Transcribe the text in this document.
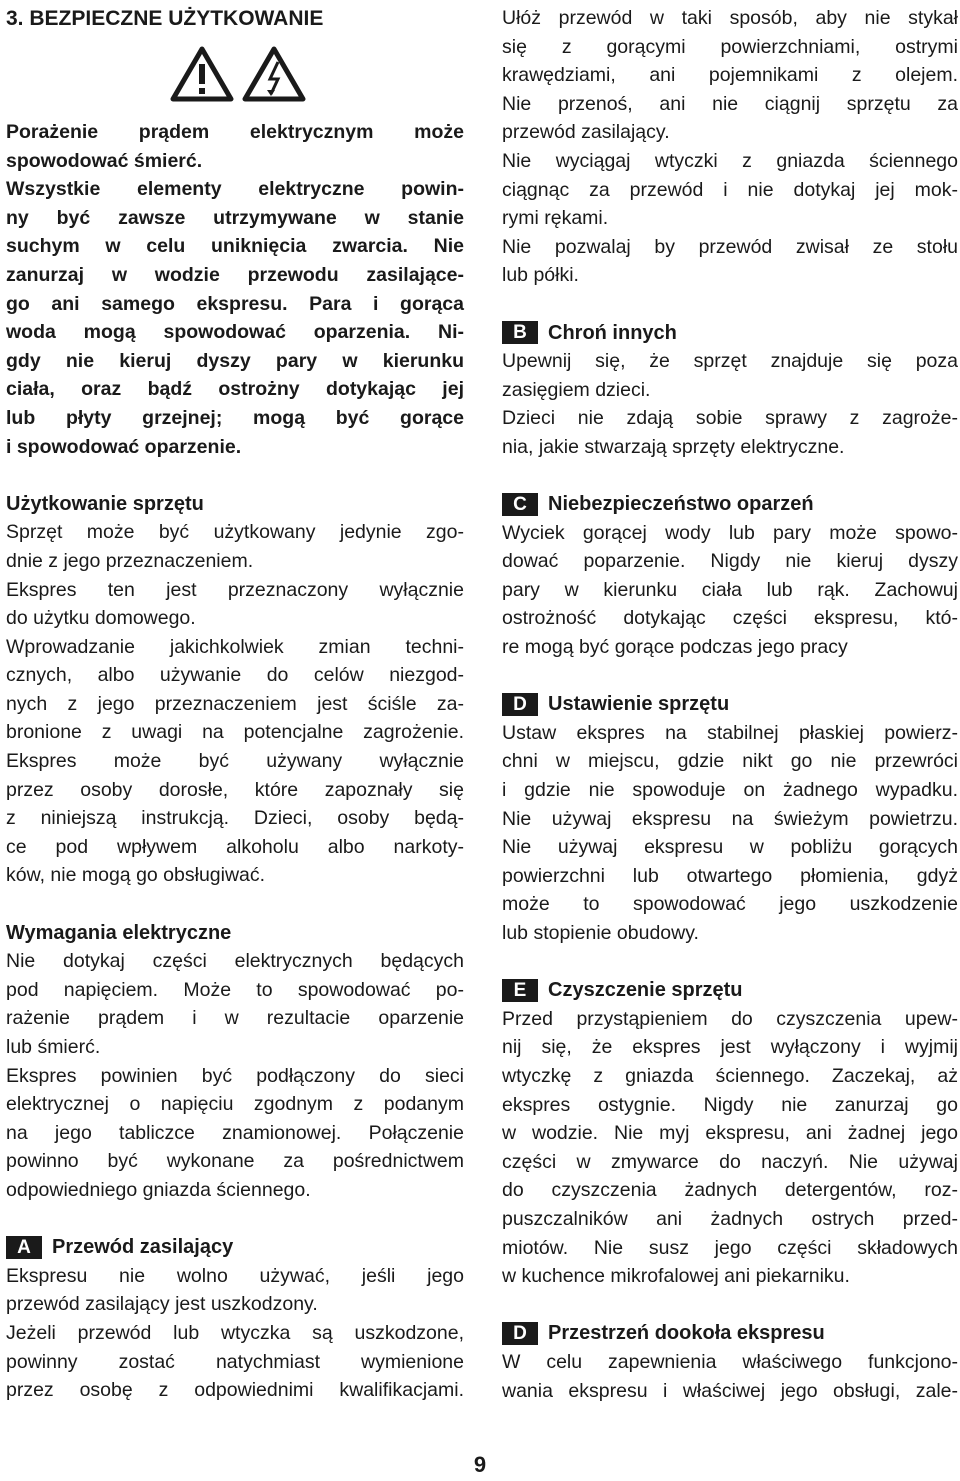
3. BEZPIECZNE UŻYTKOWANIE
Porażenie prądem elektrycznym może
spowodować śmierć.
Wszystkie elementy elektryczne powin-
ny być zawsze utrzymywane w stanie
suchym w celu uniknięcia zwarcia. Nie
zanurzaj w wodzie przewodu zasilające-
go ani samego ekspresu. Para i gorąca
woda mogą spowodować oparzenia. Ni-
gdy nie kieruj dyszy pary w kierunku
ciała, oraz bądź ostrożny dotykając jej
lub płyty grzejnej; mogą być gorące
i spowodować oparzenie.
Użytkowanie sprzętu
Sprzęt może być użytkowany jedynie zgo-
dnie z jego przeznaczeniem.
Ekspres ten jest przeznaczony wyłącznie
do użytku domowego.
Wprowadzanie jakichkolwiek zmian techni-
cznych, albo używanie do celów niezgod-
nych z jego przeznaczeniem jest ściśle za-
bronione z uwagi na potencjalne zagrożenie.
Ekspres może być używany wyłącznie
przez osoby dorosłe, które zapoznały się
z niniejszą instrukcją. Dzieci, osoby będą-
ce pod wpływem alkoholu albo narkoty-
ków, nie mogą go obsługiwać.
Wymagania elektryczne
Nie dotykaj części elektrycznych będących
pod napięciem. Może to spowodować po-
rażenie prądem i w rezultacie oparzenie
lub śmierć.
Ekspres powinien być podłączony do sieci
elektrycznej o napięciu zgodnym z podanym
na jego tabliczce znamionowej. Połączenie
powinno być wykonane za pośrednictwem
odpowiedniego gniazda ściennego.
A	Przewód zasilający
Ekspresu nie wolno używać, jeśli jego
przewód zasilający jest uszkodzony.
Jeżeli przewód lub wtyczka są uszkodzone,
powinny zostać natychmiast wymienione
przez osobę z odpowiednimi kwalifikacjami.
Ułóż przewód w taki sposób, aby nie stykał
się z gorącymi powierzchniami, ostrymi
krawędziami, ani pojemnikami z olejem.
Nie przenoś, ani nie ciągnij sprzętu za
przewód zasilający.
Nie wyciągaj wtyczki z gniazda ściennego
ciągnąc za przewód i nie dotykaj jej mok-
rymi rękami.
Nie pozwalaj by przewód zwisał ze stołu
lub półki.
B	Chroń innych
Upewnij się, że sprzęt znajduje się poza
zasięgiem dzieci.
Dzieci nie zdają sobie sprawy z zagroże-
nia, jakie stwarzają sprzęty elektryczne.
C	Niebezpieczeństwo oparzeń
Wyciek gorącej wody lub pary może spowo-
dować poparzenie. Nigdy nie kieruj dyszy
pary w kierunku ciała lub rąk. Zachowuj
ostrożność dotykając części ekspresu, któ-
re mogą być gorące podczas jego pracy
D	Ustawienie sprzętu
Ustaw ekspres na stabilnej płaskiej powierz-
chni w miejscu, gdzie nikt go nie przewróci
i gdzie nie spowoduje on żadnego wypadku.
Nie używaj ekspresu na świeżym powietrzu.
Nie używaj ekspresu w pobliżu gorących
powierzchni lub otwartego płomienia, gdyż
może to spowodować jego uszkodzenie
lub stopienie obudowy.
E	Czyszczenie sprzętu
Przed przystąpieniem do czyszczenia upew-
nij się, że ekspres jest wyłączony i wyjmij
wtyczkę z gniazda ściennego. Zaczekaj, aż
ekspres ostygnie. Nigdy nie zanurzaj go
w wodzie. Nie myj ekspresu, ani żadnej jego
części w zmywarce do naczyń. Nie używaj
do czyszczenia żadnych detergentów, roz-
puszczalników ani żadnych ostrych przed-
miotów. Nie susz jego części składowych
w kuchence mikrofalowej ani piekarniku.
D	Przestrzeń dookoła ekspresu
W celu zapewnienia właściwego funkcjono-
wania ekspresu i właściwej jego obsługi, zale-
9
